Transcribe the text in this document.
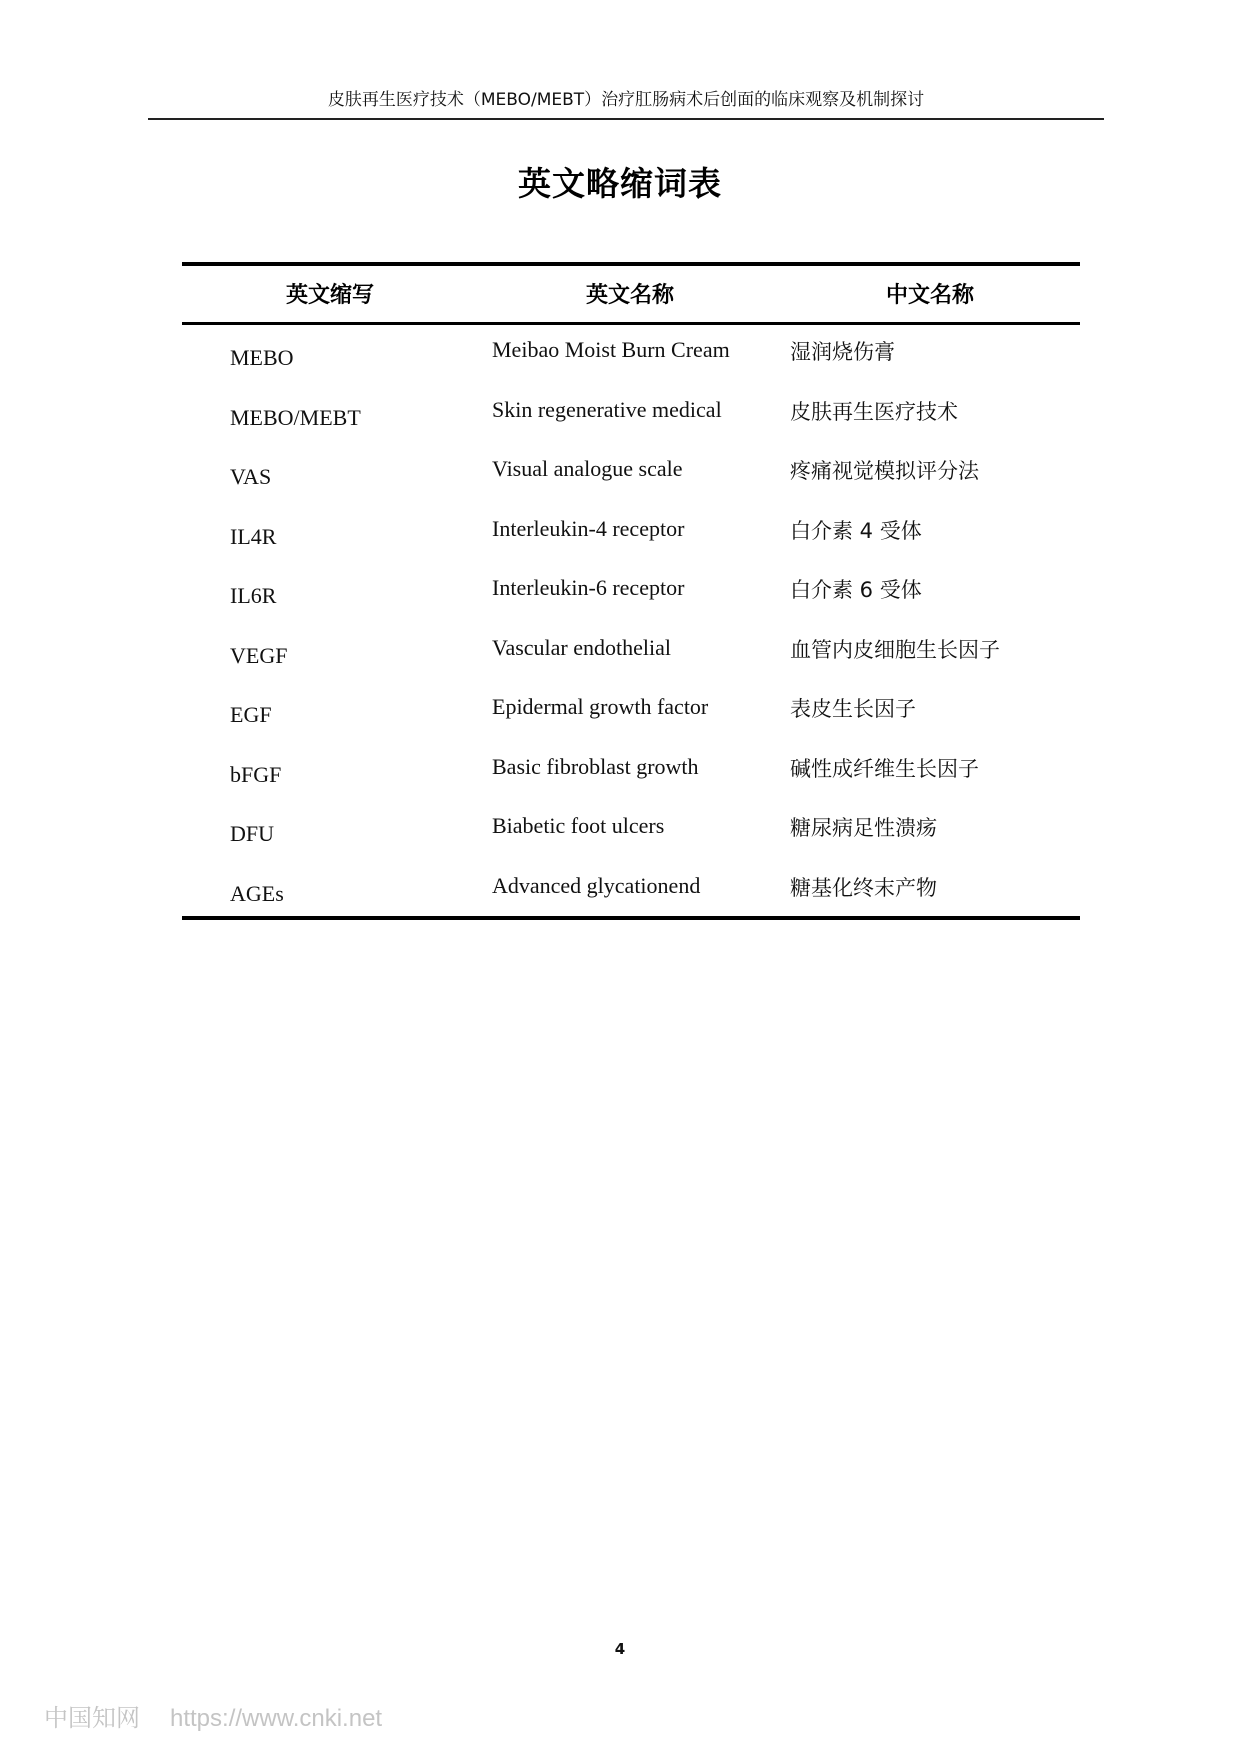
皮肤再生医疗技术（MEBO/MEBT）治疗肛肠病术后创面的临床观察及机制探讨
英文略缩词表
英文缩写	英文名称	中文名称
MEBO	Meibao Moist Burn Cream	湿润烧伤膏
MEBO/MEBT	Skin regenerative medical	皮肤再生医疗技术
VAS	Visual analogue scale	疼痛视觉模拟评分法
IL4R	Interleukin-4 receptor	白介素 4 受体
IL6R	Interleukin-6 receptor	白介素 6 受体
VEGF	Vascular endothelial	血管内皮细胞生长因子
EGF	Epidermal growth factor	表皮生长因子
bFGF	Basic fibroblast growth	碱性成纤维生长因子
DFU	Biabetic foot ulcers	糖尿病足性溃疡
AGEs	Advanced glycationend	糖基化终末产物
4
中国知网 https://www.cnki.net
